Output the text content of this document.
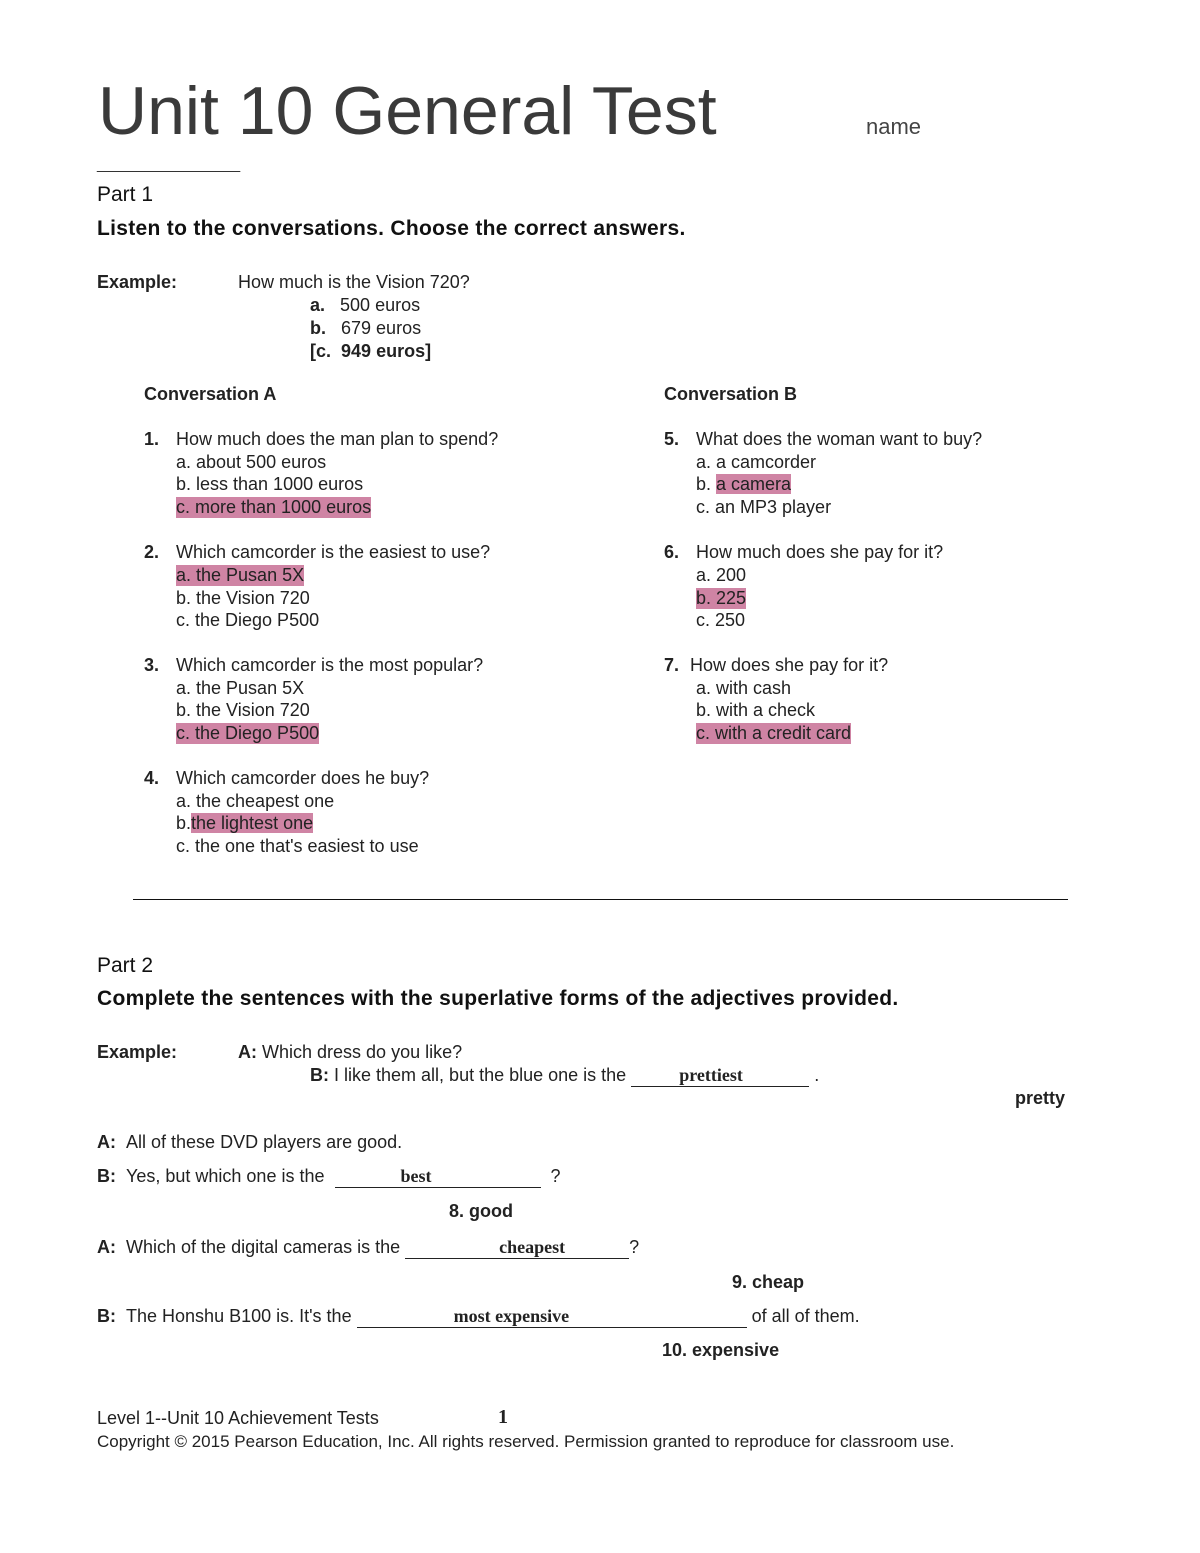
Unit 10 General Test	name
__________________
Part 1
Listen to the conversations. Choose the correct answers.
Example:	How much is the Vision 720?
a. 500 euros
b. 679 euros
[c. 949 euros]
Conversation A
1. How much does the man plan to spend?
a. about 500 euros
b. less than 1000 euros
c. more than 1000 euros
2. Which camcorder is the easiest to use?
a. the Pusan 5X
b. the Vision 720
c. the Diego P500
3. Which camcorder is the most popular?
a. the Pusan 5X
b. the Vision 720
c. the Diego P500
4. Which camcorder does he buy?
a. the cheapest one
b.the lightest one
c. the one that's easiest to use
Conversation B
5. What does the woman want to buy?
a. a camcorder
b. a camera
c. an MP3 player
6. How much does she pay for it?
a. 200
b. 225
c. 250
7. How does she pay for it?
a. with cash
b. with a check
c. with a credit card
Part 2
Complete the sentences with the superlative forms of the adjectives provided.
Example:	A: Which dress do you like?
B: I like them all, but the blue one is the	prettiest	.
pretty
A: All of these DVD players are good.
B: Yes, but which one is the	best	?
8. good
A: Which of the digital cameras is the	cheapest	?
9. cheap
B: The Honshu B100 is. It's the	most expensive	of all of them.
10. expensive
Level 1--Unit 10 Achievement Tests	1
Copyright © 2015 Pearson Education, Inc. All rights reserved. Permission granted to reproduce for classroom use.
